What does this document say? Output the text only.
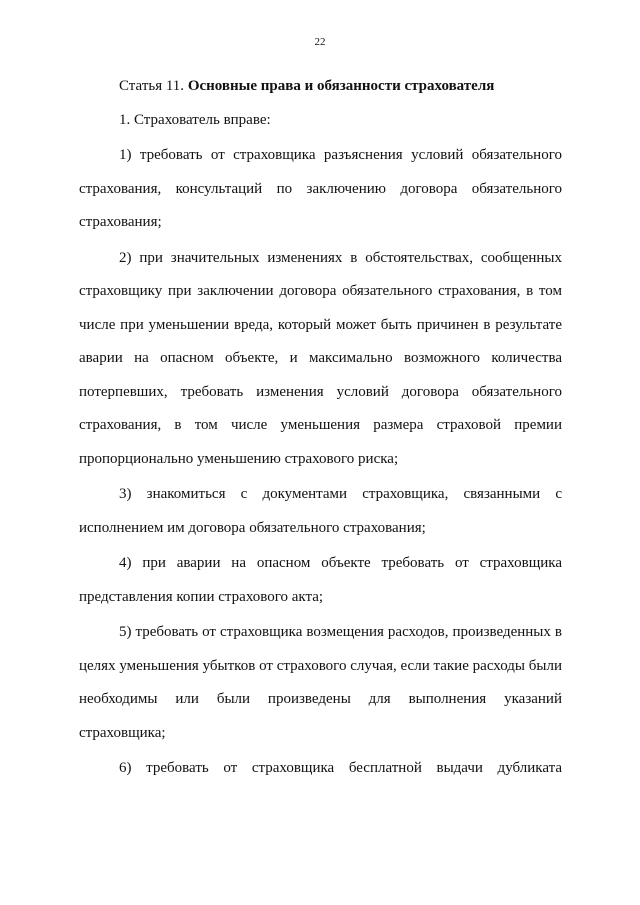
22

Статья 11. Основные права и обязанности страхователя

1. Страхователь вправе:

1) требовать от страховщика разъяснения условий обязательного страхования, консультаций по заключению договора обязательного страхования;

2) при значительных изменениях в обстоятельствах, сообщенных страховщику при заключении договора обязательного страхования, в том числе при уменьшении вреда, который может быть причинен в результате аварии на опасном объекте, и максимально возможного количества потерпевших, требовать изменения условий договора обязательного страхования, в том числе уменьшения размера страховой премии пропорционально уменьшению страхового риска;

3) знакомиться с документами страховщика, связанными с исполнением им договора обязательного страхования;

4) при аварии на опасном объекте требовать от страховщика представления копии страхового акта;

5) требовать от страховщика возмещения расходов, произведенных в целях уменьшения убытков от страхового случая, если такие расходы были необходимы или были произведены для выполнения указаний страховщика;

6) требовать от страховщика бесплатной выдачи дубликата
